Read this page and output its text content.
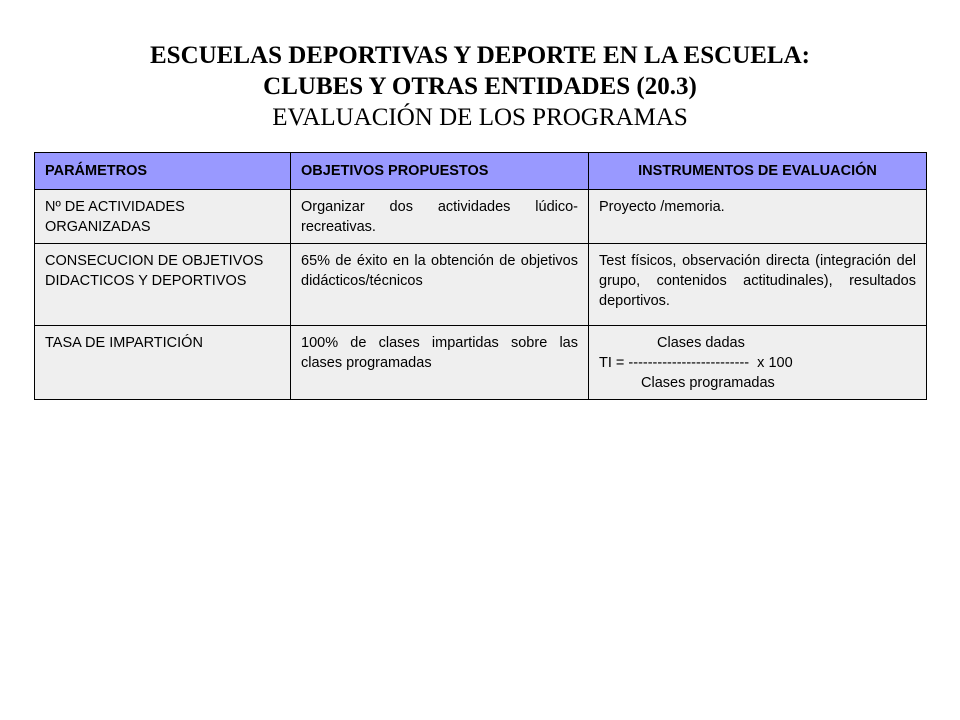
ESCUELAS DEPORTIVAS Y DEPORTE EN LA ESCUELA:
CLUBES Y OTRAS ENTIDADES (20.3)
EVALUACIÓN DE LOS PROGRAMAS
PARÁMETROS	OBJETIVOS PROPUESTOS	INSTRUMENTOS DE EVALUACIÓN
Nº DE ACTIVIDADES ORGANIZADAS	Organizar dos actividades lúdico-recreativas.	Proyecto /memoria.
CONSECUCION DE OBJETIVOS DIDACTICOS Y DEPORTIVOS	65% de éxito en la obtención de objetivos didácticos/técnicos	Test físicos, observación directa (integración del grupo, contenidos actitudinales), resultados deportivos.
TASA DE IMPARTICIÓN	100% de clases impartidas sobre las clases programadas	Clases dadas
TI = -------------------------  x 100
Clases programadas
